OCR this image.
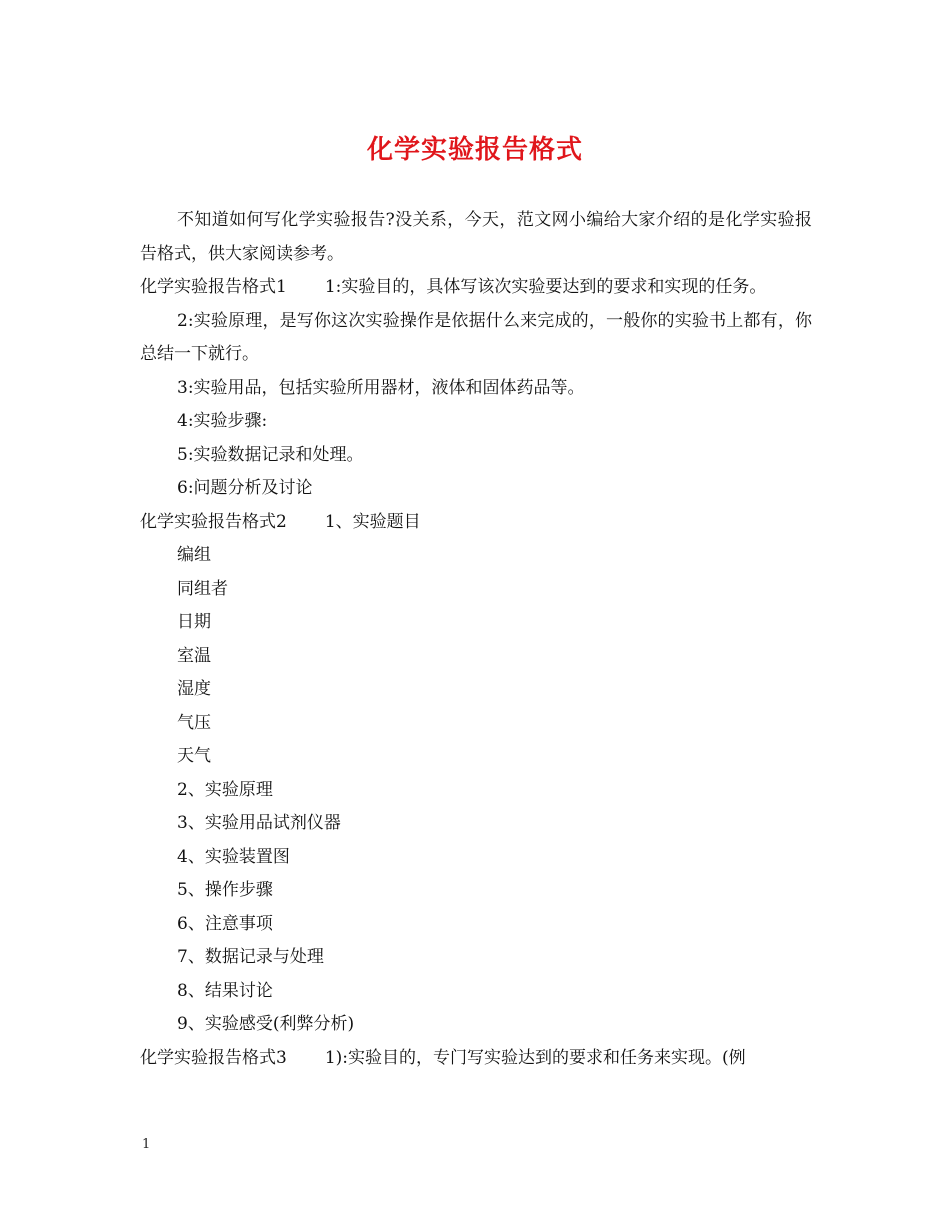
化学实验报告格式

不知道如何写化学实验报告?没关系，今天，范文网小编给大家介绍的是化学实验报告格式，供大家阅读参考。

化学实验报告格式1 1:实验目的，具体写该次实验要达到的要求和实现的任务。

2:实验原理，是写你这次实验操作是依据什么来完成的，一般你的实验书上都有，你总结一下就行。

3:实验用品，包括实验所用器材，液体和固体药品等。

4:实验步骤:

5:实验数据记录和处理。

6:问题分析及讨论

化学实验报告格式2 1、实验题目

编组

同组者

日期

室温

湿度

气压

天气

2、实验原理

3、实验用品试剂仪器

4、实验装置图

5、操作步骤

6、注意事项

7、数据记录与处理

8、结果讨论

9、实验感受(利弊分析)

化学实验报告格式3 1):实验目的，专门写实验达到的要求和任务来实现。(例
1
